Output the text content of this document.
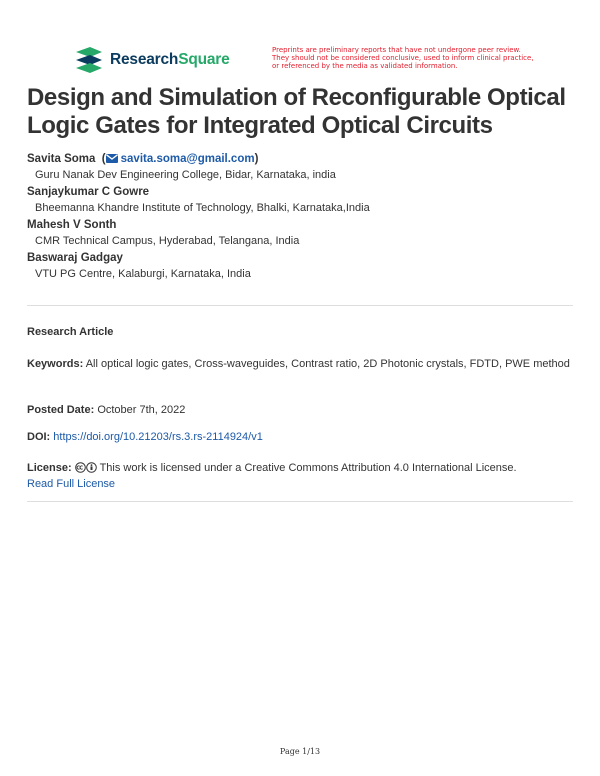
ResearchSquare
Preprints are preliminary reports that have not undergone peer review.
They should not be considered conclusive, used to inform clinical practice,
or referenced by the media as validated information.
Design and Simulation of Reconfigurable Optical Logic Gates for Integrated Optical Circuits
Savita Soma  ( savita.soma@gmail.com)
Guru Nanak Dev Engineering College, Bidar, Karnataka, india
Sanjaykumar C Gowre
Bheemanna Khandre Institute of Technology, Bhalki, Karnataka,India
Mahesh V Sonth
CMR Technical Campus, Hyderabad, Telangana, India
Baswaraj Gadgay
VTU PG Centre, Kalaburgi, Karnataka, India
Research Article
Keywords: All optical logic gates, Cross-waveguides, Contrast ratio, 2D Photonic crystals, FDTD, PWE method
Posted Date: October 7th, 2022
DOI: https://doi.org/10.21203/rs.3.rs-2114924/v1
License:	This work is licensed under a Creative Commons Attribution 4.0 International License.
Read Full License
Page 1/13
